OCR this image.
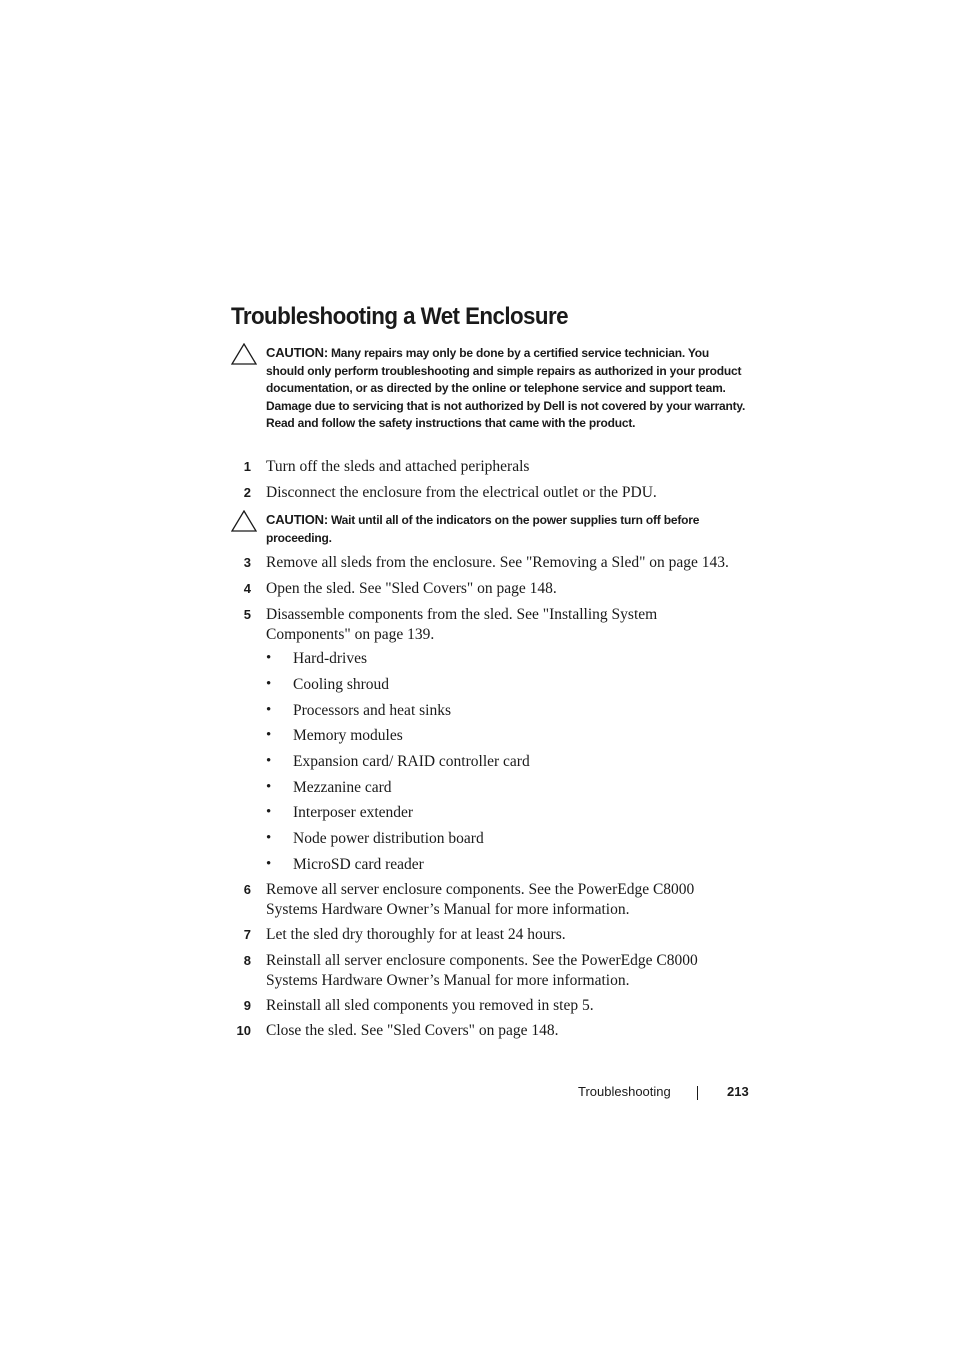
Troubleshooting a Wet Enclosure
CAUTION: Many repairs may only be done by a certified service technician. You should only perform troubleshooting and simple repairs as authorized in your product documentation, or as directed by the online or telephone service and support team. Damage due to servicing that is not authorized by Dell is not covered by your warranty. Read and follow the safety instructions that came with the product.
1 Turn off the sleds and attached peripherals
2 Disconnect the enclosure from the electrical outlet or the PDU.
CAUTION: Wait until all of the indicators on the power supplies turn off before proceeding.
3 Remove all sleds from the enclosure. See "Removing a Sled" on page 143.
4 Open the sled. See "Sled Covers" on page 148.
5 Disassemble components from the sled. See "Installing System Components" on page 139.
• Hard-drives
• Cooling shroud
• Processors and heat sinks
• Memory modules
• Expansion card/ RAID controller card
• Mezzanine card
• Interposer extender
• Node power distribution board
• MicroSD card reader
6 Remove all server enclosure components. See the PowerEdge C8000 Systems Hardware Owner’s Manual for more information.
7 Let the sled dry thoroughly for at least 24 hours.
8 Reinstall all server enclosure components. See the PowerEdge C8000 Systems Hardware Owner’s Manual for more information.
9 Reinstall all sled components you removed in step 5.
10 Close the sled. See "Sled Covers" on page 148.
Troubleshooting	213
